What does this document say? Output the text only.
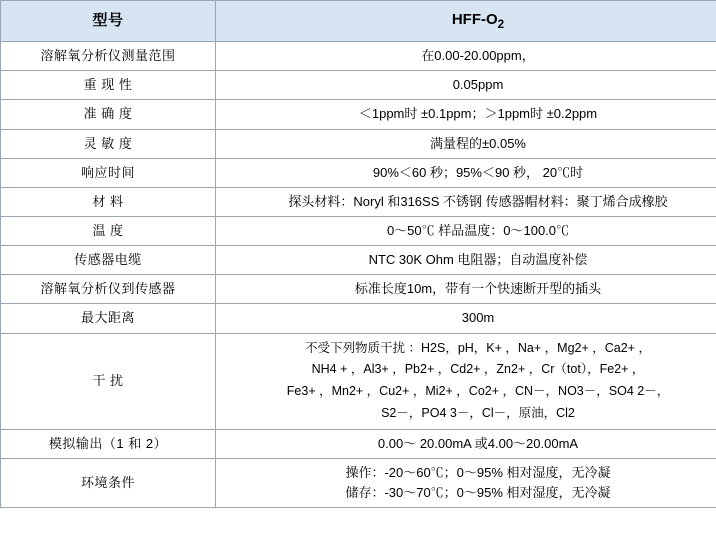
型号	HFF-$O_2$
溶解氧分析仪测量范围	在0.00-20.00ppm，
重 现 性	0.05ppm
准 确 度	＜1ppm时 ±0.1ppm；＞1ppm时 ±0.2ppm
灵 敏 度	满量程的±0.05%
响应时间	90%＜60 秒；95%＜90 秒， 20℃时
材 料	探头材料：Noryl 和316SS 不锈钢 传感器帽材料：聚丁烯合成橡胶
温 度	0～50℃ 样品温度：0～100.0℃
传感器电缆	NTC 30K Ohm 电阻器；自动温度补偿
溶解氧分析仪到传感器	标准长度10m，带有一个快速断开型的插头
最大距离	300m
干 扰	不受下列物质干扰 ：H2S，pH，K+ ，Na+ ，Mg2+ ，Ca2+ ，
NH4 + ，Al3+ ，Pb2+ ，Cd2+ ，Zn2+ ，Cr（tot），Fe2+ ，
Fe3+ ，Mn2+ ，Cu2+ ，Mi2+ ，Co2+ ，CN－，NO3－，SO4 2－，
S2－，PO4 3－，Cl－，原油，Cl2

模拟输出（1 和 2）	0.00～ 20.00mA 或4.00～20.00mA
环境条件	操作：-20～60℃；0～95% 相对湿度，无冷凝
储存：-30～70℃；0～95% 相对湿度，无冷凝
